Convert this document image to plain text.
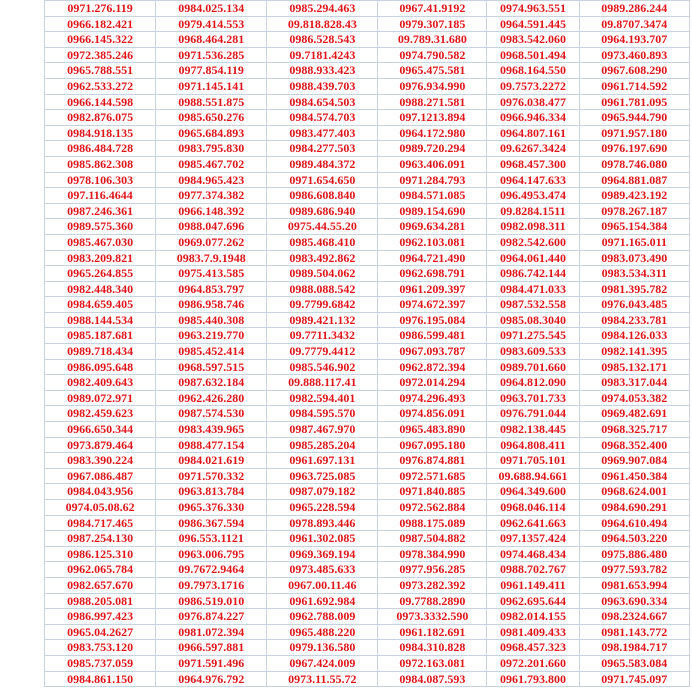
0971.276.119	0984.025.134	0985.294.463	0967.41.9192	0974.963.551	0989.286.244
0966.182.421	0979.414.553	09.818.828.43	0979.307.185	0964.591.445	09.8707.3474
0966.145.322	0968.464.281	0986.528.543	09.789.31.680	0983.542.060	0964.193.707
0972.385.246	0971.536.285	09.7181.4243	0974.790.582	0968.501.494	0973.460.893
0965.788.551	0977.854.119	0988.933.423	0965.475.581	0968.164.550	0967.608.290
0962.533.272	0971.145.141	0988.439.703	0976.934.990	09.7573.2272	0961.714.592
0966.144.598	0988.551.875	0984.654.503	0988.271.581	0976.038.477	0961.781.095
0982.876.075	0985.650.276	0984.574.703	097.1213.894	0966.946.334	0965.944.790
0984.918.135	0965.684.893	0983.477.403	0964.172.980	0964.807.161	0971.957.180
0986.484.728	0983.795.830	0984.277.503	0989.720.294	09.6267.3424	0976.197.690
0985.862.308	0985.467.702	0989.484.372	0963.406.091	0968.457.300	0978.746.080
0978.106.303	0984.965.423	0971.654.650	0971.284.793	0964.147.633	0964.881.087
097.116.4644	0977.374.382	0986.608.840	0984.571.085	096.4953.474	0989.423.192
0987.246.361	0966.148.392	0989.686.940	0989.154.690	09.8284.1511	0978.267.187
0989.575.360	0988.047.696	0975.44.55.20	0969.634.281	0982.098.311	0965.154.384
0985.467.030	0969.077.262	0985.468.410	0962.103.081	0982.542.600	0971.165.011
0983.209.821	0983.7.9.1948	0983.492.862	0964.721.490	0964.061.440	0983.073.490
0965.264.855	0975.413.585	0989.504.062	0962.698.791	0986.742.144	0983.534.311
0982.448.340	0964.853.797	0988.088.542	0961.209.397	0984.471.033	0981.395.782
0984.659.405	0986.958.746	09.7799.6842	0974.672.397	0987.532.558	0976.043.485
0988.144.534	0985.440.308	0989.421.132	0976.195.084	0985.08.3040	0984.233.781
0985.187.681	0963.219.770	09.7711.3432	0986.599.481	0971.275.545	0984.126.033
0989.718.434	0985.452.414	09.7779.4412	0967.093.787	0983.609.533	0982.141.395
0986.095.648	0968.597.515	0985.546.902	0962.872.394	0989.701.660	0985.132.171
0982.409.643	0987.632.184	09.888.117.41	0972.014.294	0964.812.090	0983.317.044
0989.072.971	0962.426.280	0982.594.401	0974.296.493	0963.701.733	0974.053.382
0982.459.623	0987.574.530	0984.595.570	0974.856.091	0976.791.044	0969.482.691
0966.650.344	0983.439.965	0987.467.970	0965.483.890	0982.138.445	0968.325.717
0973.879.464	0988.477.154	0985.285.204	0967.095.180	0964.808.411	0968.352.400
0983.390.224	0984.021.619	0961.697.131	0976.874.881	0971.705.101	0969.907.084
0967.086.487	0971.570.332	0963.725.085	0972.571.685	09.688.94.661	0961.450.384
0984.043.956	0963.813.784	0987.079.182	0971.840.885	0964.349.600	0968.624.001
0974.05.08.62	0965.376.330	0965.228.594	0972.562.884	0968.046.114	0984.690.291
0984.717.465	0986.367.594	0978.893.446	0988.175.089	0962.641.663	0964.610.494
0987.254.130	096.553.1121	0961.302.085	0987.504.882	097.1357.424	0964.503.220
0986.125.310	0963.006.795	0969.369.194	0978.384.990	0974.468.434	0975.886.480
0962.065.784	09.7672.9464	0973.485.633	0977.956.285	0988.702.767	0977.593.782
0982.657.670	09.7973.1716	0967.00.11.46	0973.282.392	0961.149.411	0981.653.994
0988.205.081	0986.519.010	0961.692.984	09.7788.2890	0962.695.644	0963.690.334
0986.997.423	0976.874.227	0962.788.009	0973.3332.590	0982.014.155	098.2324.667
0965.04.2627	0981.072.394	0965.488.220	0961.182.691	0981.409.433	0981.143.772
0983.753.120	0966.597.881	0979.136.580	0984.310.828	0968.457.323	098.1984.717
0985.737.059	0971.591.496	0967.424.009	0972.163.081	0972.201.660	0965.583.084
0984.861.150	0964.976.792	0973.11.55.72	0984.087.593	0961.793.800	0971.745.097
